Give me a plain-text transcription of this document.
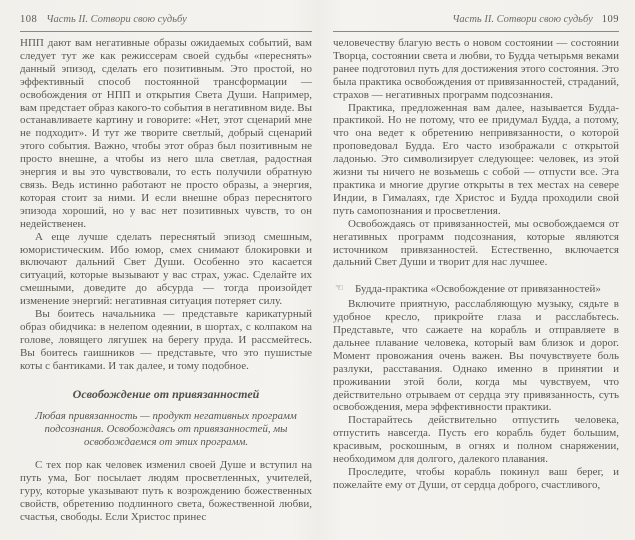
108 Часть II. Сотвори свою судьбу

НПП дают вам негативные образы ожидаемых событий, вам следует тут же как режиссерам своей судьбы «переснять» данный эпизод, сделать его позитивным. Это простой, но эффективный способ постоянной трансформации — освобождения от НПП и открытия Света Души. Например, вам предстает образ какого-то события в негативном виде. Вы останавливаете картину и говорите: «Нет, этот сценарий мне не подходит». И тут же творите светлый, добрый сценарий этого события. Важно, чтобы этот образ был позитивным не просто внешне, а чтобы из него шла светлая, радостная энергия и вы это чувствовали, то есть получили обратную связь. Ведь истинно работают не просто образы, а энергия, которая стоит за ними. И если внешне образ переснятого эпизода хороший, но у вас нет позитивных чувств, то он недейственен.

А еще лучше сделать переснятый эпизод смешным, юмористическим. Ибо юмор, смех снимают блокировки и включают дальний Свет Души. Особенно это касается ситуаций, которые вызывают у вас страх, ужас. Сделайте их смешными, доведите до абсурда — тогда произойдет изменение энергий: негативная ситуация потеряет силу.

Вы боитесь начальника — представьте карикатурный образ обидчика: в нелепом одеянии, в шортах, с колпаком на голове, ловящего лягушек на берегу пруда. И рассмейтесь. Вы боитесь гаишников — представьте, что это пушистые коты с бантиками. И так далее, и тому подобное.

Освобождение от привязанностей
Любая привязанность — продукт негативных программ подсознания. Освобождаясь от привязанностей, мы освобождаемся от этих программ.

С тех пор как человек изменил своей Душе и вступил на путь ума, Бог посылает людям просветленных, учителей, гуру, которые указывают путь к возрождению божественных свойств, обретению подлинного света, божественной любви, счастья, свободы. Если Христос принес

Часть II. Сотвори свою судьбу 109

человечеству благую весть о новом состоянии — состоянии Творца, состоянии света и любви, то Будда четырьмя веками ранее подготовил путь для достижения этого состояния. Это была практика освобождения от привязанностей, страданий, страхов — негативных программ подсознания.

Практика, предложенная вам далее, называется Будда-практикой. Но не потому, что ее придумал Будда, а потому, что она ведет к обретению непривязанности, о которой проповедовал Будда. Его часто изображали с открытой ладонью. Это символизирует следующее: человек, из этой жизни ты ничего не возьмешь с собой — отпусти все. Эта практика и многие другие открыты в тех местах на севере Индии, в Гималаях, где Христос и Будда проходили свой путь самопознания и просветления.

Освобождаясь от привязанностей, мы освобождаемся от негативных программ подсознания, которые являются источником привязанностей. Естественно, включается дальний Свет Души и творит для нас лучшее.

☜ Будда-практика «Освобождение от привязанностей»

Включите приятную, расслабляющую музыку, сядьте в удобное кресло, прикройте глаза и расслабьтесь. Представьте, что сажаете на корабль и отправляете в дальнее плавание человека, который вам близок и дорог. Момент провожания очень важен. Вы почувствуете боль разлуки, расставания. Однако именно в принятии и проживании этой боли, когда мы чувствуем, что действительно отрываем от сердца эту привязанность, суть освобождения, мера эффективности практики.

Постарайтесь действительно отпустить человека, отпустить навсегда. Пусть его корабль будет большим, красивым, роскошным, в огнях и полном снаряжении, необходимом для долгого, далекого плавания.

Проследите, чтобы корабль покинул ваш берег, и пожелайте ему от Души, от сердца доброго, счастливого,
